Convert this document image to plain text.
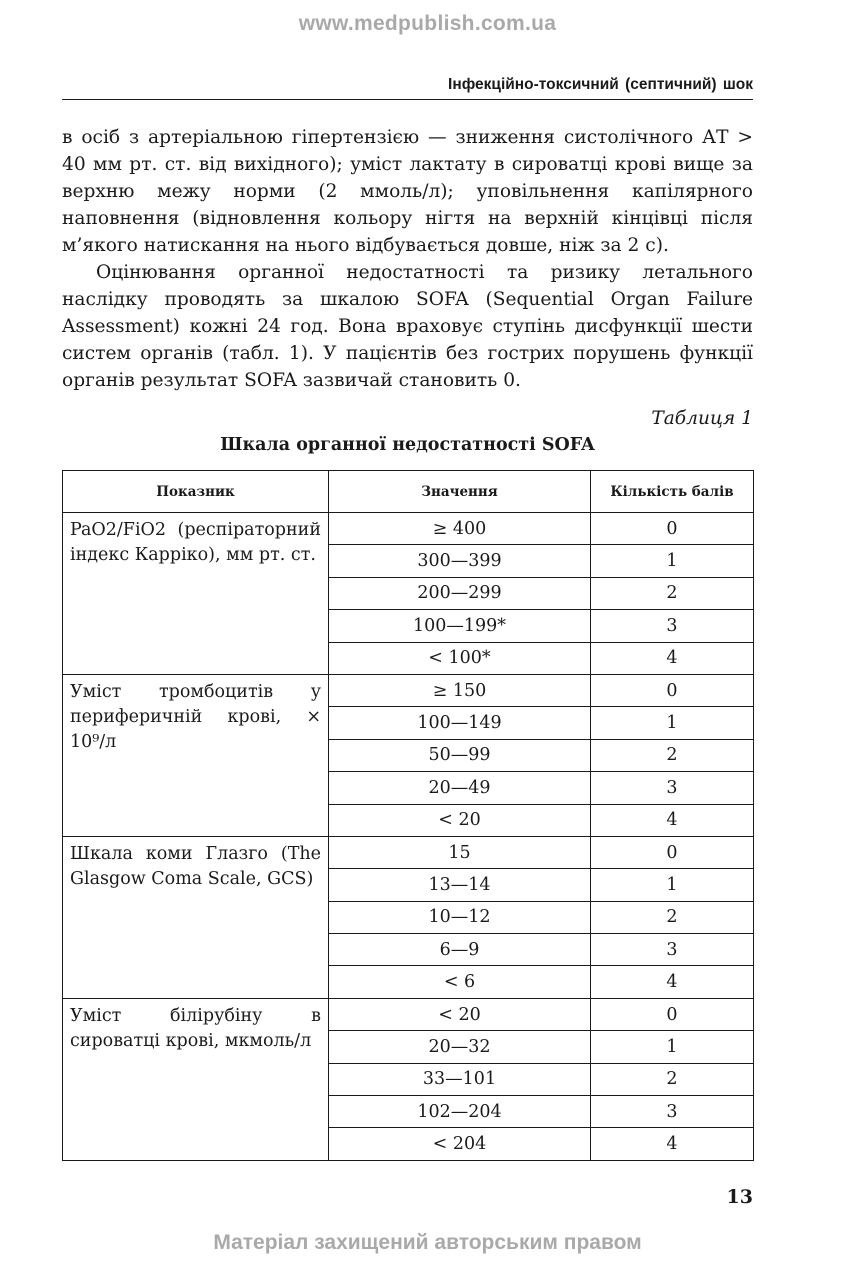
www.medpublish.com.ua
Інфекційно-токсичний (септичний) шок

в осіб з артеріальною гіпертензією — зниження систолічного АТ > 40 мм рт. ст. від вихідного); уміст лактату в сироватці крові вище за верхню межу норми (2 ммоль/л); уповільнення капілярного наповнення (відновлення кольору нігтя на верхній кінцівці після м’якого натискання на нього відбувається довше, ніж за 2 с).

Оцінювання органної недостатності та ризику летального наслідку проводять за шкалою SOFA (Sequential Organ Failure Assessment) кожні 24 год. Вона враховує ступінь дисфункції шести систем органів (табл. 1). У пацієнтів без гострих порушень функції органів результат SOFA зазвичай становить 0.

Таблиця 1
Шкала органної недостатності SOFA
Показник	Значення	Кількість балів
PaO2/FiO2 (респіраторний індекс Карріко), мм рт. ст.	≥ 400	0
	300—399	1
	200—299	2
	100—199*	3
	< 100*	4
Уміст тромбоцитів у периферичній крові, × 10⁹/л	≥ 150	0
	100—149	1
	50—99	2
	20—49	3
	< 20	4
Шкала коми Глазго (The Glasgow Coma Scale, GCS)	15	0
	13—14	1
	10—12	2
	6—9	3
	< 6	4
Уміст білірубіну в сироватці крові, мкмоль/л	< 20	0
	20—32	1
	33—101	2
	102—204	3
	< 204	4
13
Матеріал захищений авторським правом
